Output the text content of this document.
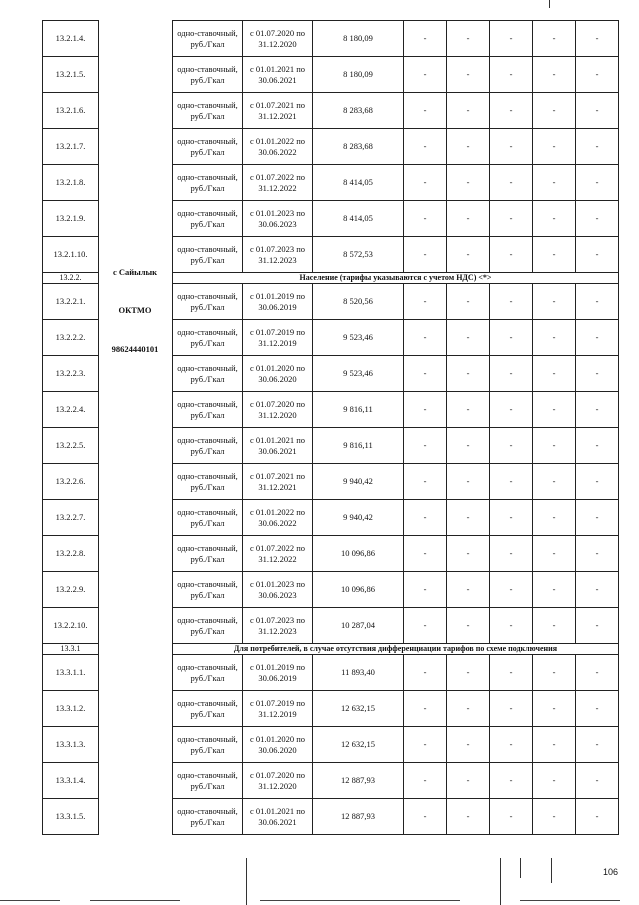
13.2.1.4.		одно-ставочный, руб./Гкал	с 01.07.2020 по 31.12.2020	8 180,09	-	-	-	-	-
13.2.1.5.		одно-ставочный, руб./Гкал	с 01.01.2021 по 30.06.2021	8 180,09	-	-	-	-	-
13.2.1.6.		одно-ставочный, руб./Гкал	с 01.07.2021 по 31.12.2021	8 283,68	-	-	-	-	-
13.2.1.7.		одно-ставочный, руб./Гкал	с 01.01.2022 по 30.06.2022	8 283,68	-	-	-	-	-
13.2.1.8.		одно-ставочный, руб./Гкал	с 01.07.2022 по 31.12.2022	8 414,05	-	-	-	-	-
13.2.1.9.		одно-ставочный, руб./Гкал	с 01.01.2023 по 30.06.2023	8 414,05	-	-	-	-	-
13.2.1.10.		одно-ставочный, руб./Гкал	с 01.07.2023 по 31.12.2023	8 572,53	-	-	-	-	-
13.2.2.		Население (тарифы указываются с учетом НДС) <*>							
13.2.2.1.		одно-ставочный, руб./Гкал	с 01.01.2019 по 30.06.2019	8 520,56	-	-	-	-	-
13.2.2.2.		одно-ставочный, руб./Гкал	с 01.07.2019 по 31.12.2019	9 523,46	-	-	-	-	-
13.2.2.3.		одно-ставочный, руб./Гкал	с 01.01.2020 по 30.06.2020	9 523,46	-	-	-	-	-
13.2.2.4.		одно-ставочный, руб./Гкал	с 01.07.2020 по 31.12.2020	9 816,11	-	-	-	-	-
13.2.2.5.		одно-ставочный, руб./Гкал	с 01.01.2021 по 30.06.2021	9 816,11	-	-	-	-	-
13.2.2.6.		одно-ставочный, руб./Гкал	с 01.07.2021 по 31.12.2021	9 940,42	-	-	-	-	-
13.2.2.7.		одно-ставочный, руб./Гкал	с 01.01.2022 по 30.06.2022	9 940,42	-	-	-	-	-
13.2.2.8.		одно-ставочный, руб./Гкал	с 01.07.2022 по 31.12.2022	10 096,86	-	-	-	-	-
13.2.2.9.		одно-ставочный, руб./Гкал	с 01.01.2023 по 30.06.2023	10 096,86	-	-	-	-	-
13.2.2.10.		одно-ставочный, руб./Гкал	с 01.07.2023 по 31.12.2023	10 287,04	-	-	-	-	-
13.3.1		Для потребителей, в случае отсутствия дифференциации тарифов по схеме подключения							
13.3.1.1.		одно-ставочный, руб./Гкал	с 01.01.2019 по 30.06.2019	11 893,40	-	-	-	-	-
13.3.1.2.		одно-ставочный, руб./Гкал	с 01.07.2019 по 31.12.2019	12 632,15	-	-	-	-	-
13.3.1.3.		одно-ставочный, руб./Гкал	с 01.01.2020 по 30.06.2020	12 632,15	-	-	-	-	-
13.3.1.4.		одно-ставочный, руб./Гкал	с 01.07.2020 по 31.12.2020	12 887,93	-	-	-	-	-
13.3.1.5.		одно-ставочный, руб./Гкал	с 01.01.2021 по 30.06.2021	12 887,93	-	-	-	-	-
с Сайылык
ОКТМО
98624440101
106
